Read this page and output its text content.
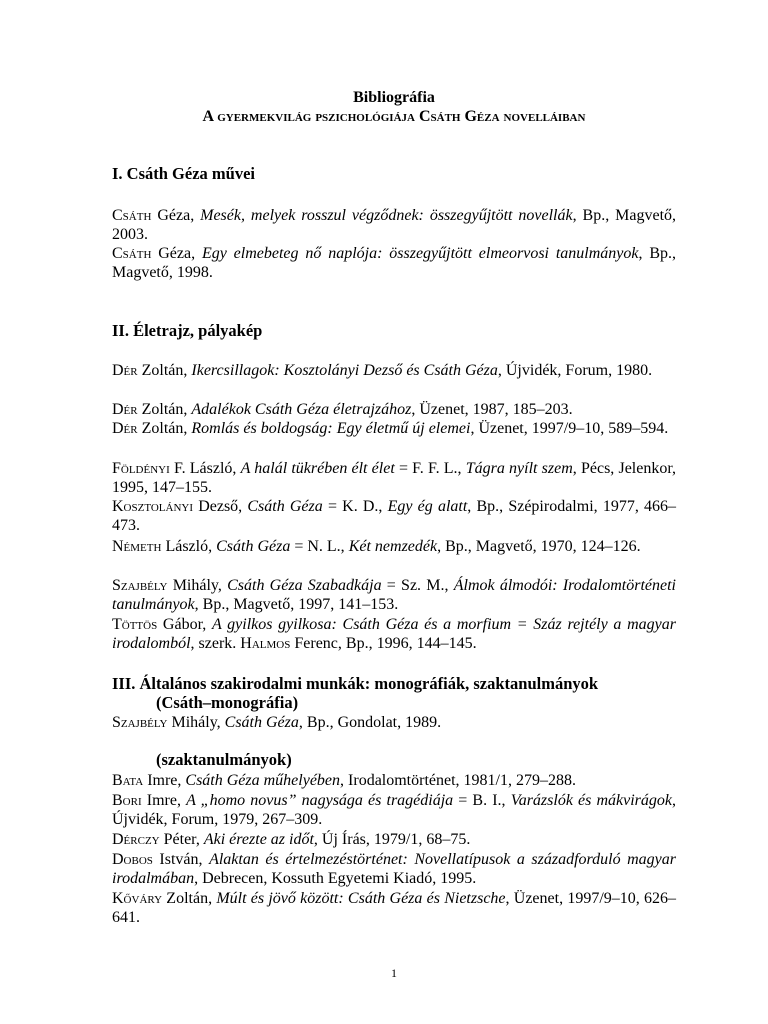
Bibliográfia
A gyermekvilág pszichológiája Csáth Géza novelláiban
I. Csáth Géza művei
Csáth Géza, Mesék, melyek rosszul végződnek: összegyűjtött novellák, Bp., Magvető, 2003.
Csáth Géza, Egy elmebeteg nő naplója: összegyűjtött elmeorvosi tanulmányok, Bp., Magvető, 1998.
II. Életrajz, pályakép
Dér Zoltán, Ikercsillagok: Kosztolányi Dezső és Csáth Géza, Újvidék, Forum, 1980.
Dér Zoltán, Adalékok Csáth Géza életrajzához, Üzenet, 1987, 185–203.
Dér Zoltán, Romlás és boldogság: Egy életmű új elemei, Üzenet, 1997/9–10, 589–594.
Földényi F. László, A halál tükrében élt élet = F. F. L., Tágra nyílt szem, Pécs, Jelenkor, 1995, 147–155.
Kosztolányi Dezső, Csáth Géza = K. D., Egy ég alatt, Bp., Szépirodalmi, 1977, 466–473.
Németh László, Csáth Géza = N. L., Két nemzedék, Bp., Magvető, 1970, 124–126.
Szajbély Mihály, Csáth Géza Szabadkája = Sz. M., Álmok álmodói: Irodalomtörténeti tanulmányok, Bp., Magvető, 1997, 141–153.
Töttös Gábor, A gyilkos gyilkosa: Csáth Géza és a morfium = Száz rejtély a magyar irodalomból, szerk. Halmos Ferenc, Bp., 1996, 144–145.
III. Általános szakirodalmi munkák: monográfiák, szaktanulmányok
(Csáth–monográfia)
Szajbély Mihály, Csáth Géza, Bp., Gondolat, 1989.
(szaktanulmányok)
Bata Imre, Csáth Géza műhelyében, Irodalomtörténet, 1981/1, 279–288.
Bori Imre, A „homo novus” nagysága és tragédiája = B. I., Varázslók és mákvirágok, Újvidék, Forum, 1979, 267–309.
Dérczy Péter, Aki érezte az időt, Új Írás, 1979/1, 68–75.
Dobos István, Alaktan és értelmezéstörténet: Novellatípusok a századforduló magyar irodalmában, Debrecen, Kossuth Egyetemi Kiadó, 1995.
Kőváry Zoltán, Múlt és jövő között: Csáth Géza és Nietzsche, Üzenet, 1997/9–10, 626–641.
1
